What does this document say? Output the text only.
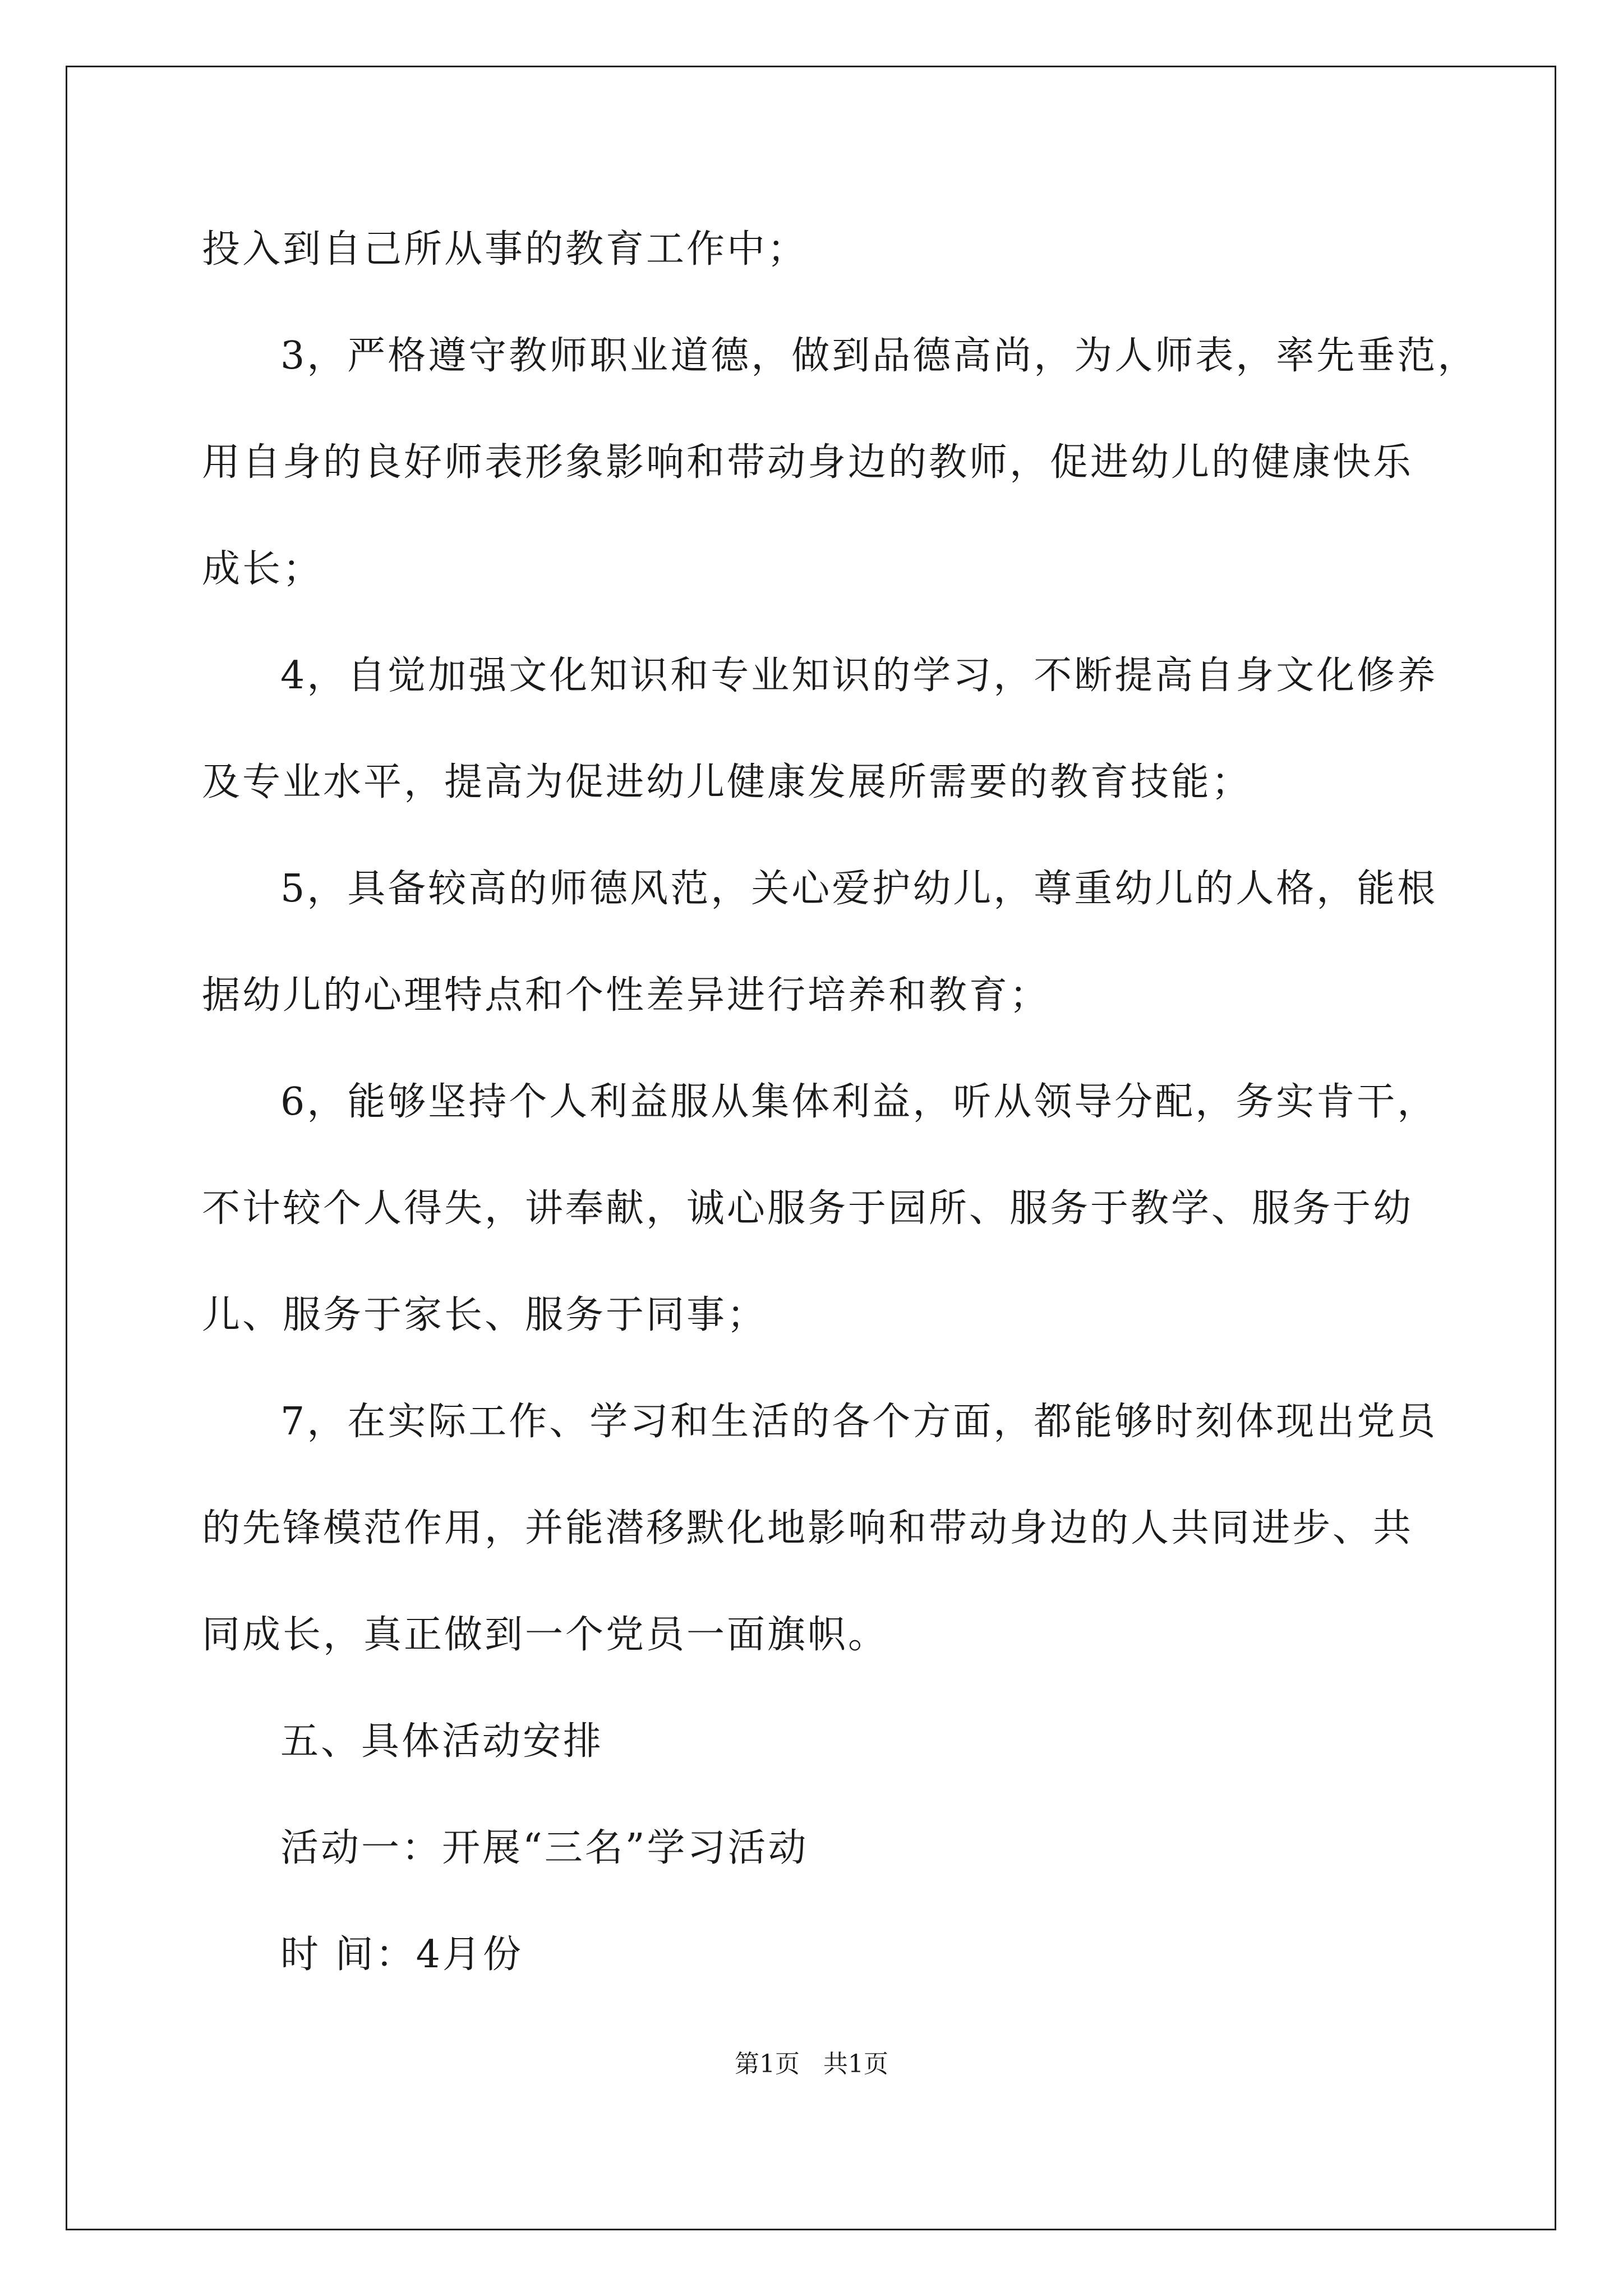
投入到自己所从事的教育工作中；
3，严格遵守教师职业道德，做到品德高尚，为人师表，率先垂范，
用自身的良好师表形象影响和带动身边的教师，促进幼儿的健康快乐
成长；
4，自觉加强文化知识和专业知识的学习，不断提高自身文化修养
及专业水平，提高为促进幼儿健康发展所需要的教育技能；
5，具备较高的师德风范，关心爱护幼儿，尊重幼儿的人格，能根
据幼儿的心理特点和个性差异进行培养和教育；
6，能够坚持个人利益服从集体利益，听从领导分配，务实肯干，
不计较个人得失，讲奉献，诚心服务于园所、服务于教学、服务于幼
儿、服务于家长、服务于同事；
7，在实际工作、学习和生活的各个方面，都能够时刻体现出党员
的先锋模范作用，并能潜移默化地影响和带动身边的人共同进步、共
同成长，真正做到一个党员一面旗帜。
五、具体活动安排
活动一：开展“三名”学习活动
时 间：4月份
第1页   共1页
